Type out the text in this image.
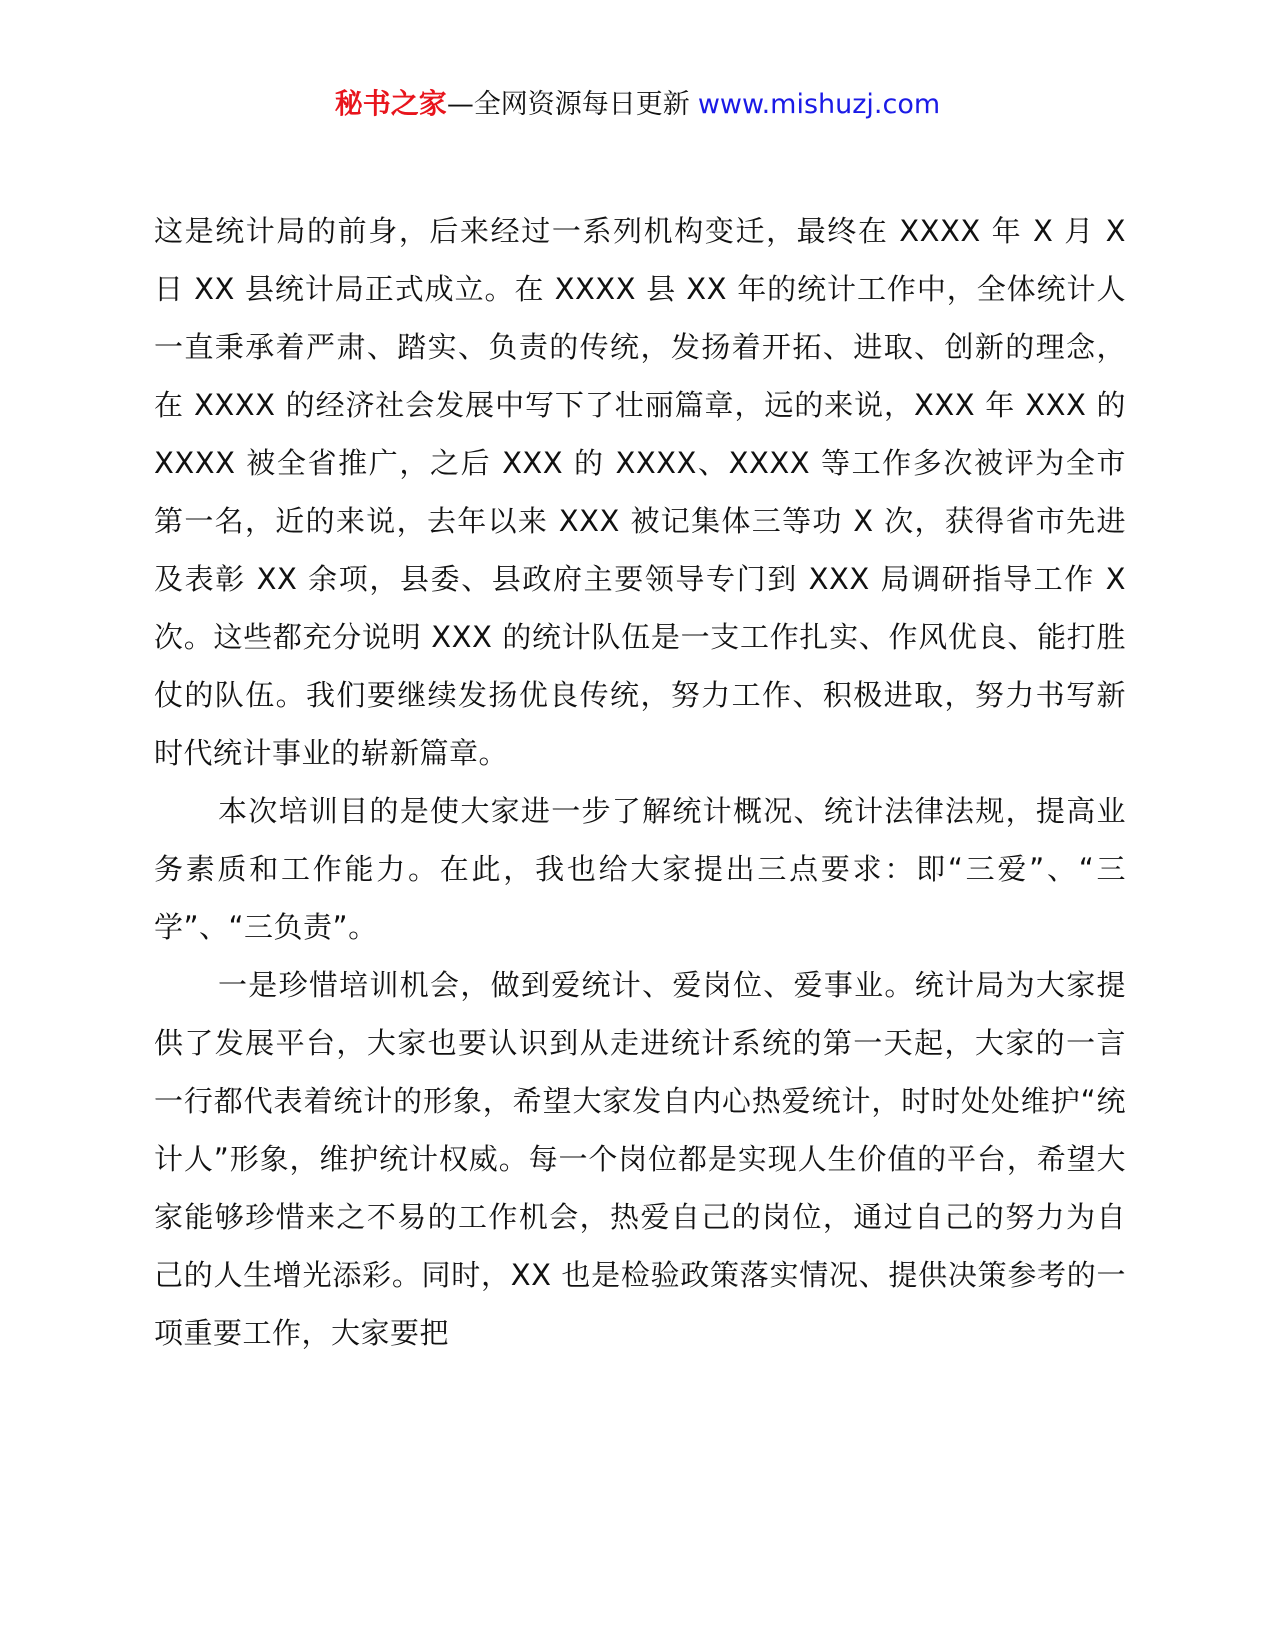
秘书之家—全网资源每日更新 www.mishuzj.com

这是统计局的前身，后来经过一系列机构变迁，最终在 XXXX 年 X 月 X 日 XX 县统计局正式成立。在 XXXX 县 XX 年的统计工作中，全体统计人一直秉承着严肃、踏实、负责的传统，发扬着开拓、进取、创新的理念，在 XXXX 的经济社会发展中写下了壮丽篇章，远的来说，XXX 年 XXX 的 XXXX 被全省推广，之后 XXX 的 XXXX、XXXX 等工作多次被评为全市第一名，近的来说，去年以来 XXX 被记集体三等功 X 次，获得省市先进及表彰 XX 余项，县委、县政府主要领导专门到 XXX 局调研指导工作 X 次。这些都充分说明 XXX 的统计队伍是一支工作扎实、作风优良、能打胜仗的队伍。我们要继续发扬优良传统，努力工作、积极进取，努力书写新时代统计事业的崭新篇章。

本次培训目的是使大家进一步了解统计概况、统计法律法规，提高业务素质和工作能力。在此，我也给大家提出三点要求：即“三爱”、“三学”、“三负责”。

一是珍惜培训机会，做到爱统计、爱岗位、爱事业。统计局为大家提供了发展平台，大家也要认识到从走进统计系统的第一天起，大家的一言一行都代表着统计的形象，希望大家发自内心热爱统计，时时处处维护“统计人”形象，维护统计权威。每一个岗位都是实现人生价值的平台，希望大家能够珍惜来之不易的工作机会，热爱自己的岗位，通过自己的努力为自己的人生增光添彩。同时，XX 也是检验政策落实情况、提供决策参考的一项重要工作，大家要把
